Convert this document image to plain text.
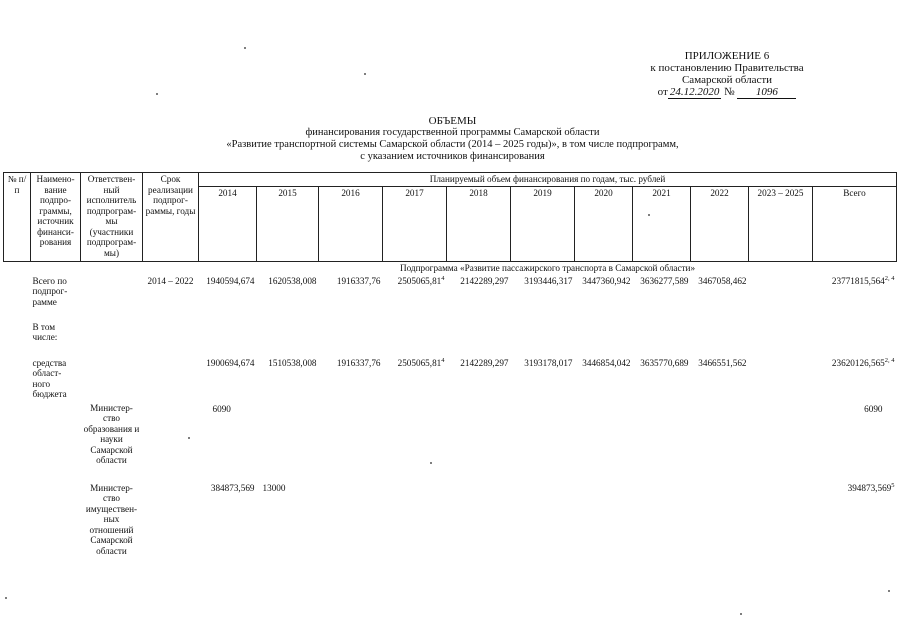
ПРИЛОЖЕНИЕ 6
к постановлению Правительства
Самарской области
от 24.12.2020 № 1096
ОБЪЕМЫ
финансирования государственной программы Самарской области
«Развитие транспортной системы Самарской области (2014 – 2025 годы)», в том числе подпрограмм,
с указанием источников финансирования
№ п/п	Наимено-вание подпро-граммы, источник финанси-рования	Ответствен-ный исполнитель подпрограм-мы (участники подпрограм-мы)	Срок реализации подпрог-раммы, годы	Планируемый объем финансирования по годам, тыс. рублей										
				2014	2015	2016	2017	2018	2019	2020	2021	2022	2023 – 2025	Всего
				Подпрограмма «Развитие пассажирского транспорта в Самарской области»										
	Всего по подпрог-рамме		2014 – 2022	1940594,674	1620538,008	1916337,76	2505065,81$^4$	2142289,297	3193446,317	3447360,942	3636277,589	3467058,462		23771815,564$^{2, 4}$
	В том числе:													
	средства област-ного бюджета			1900694,674	1510538,008	1916337,76	2505065,81$^4$	2142289,297	3193178,017	3446854,042	3635770,689	3466551,562		23620126,565$^{2, 4}$
		Министер-ство образования и науки Самарской области		6090										6090
		Министер-ство имуществен-ных отношений Самарской области		384873,569	13000									394873,569$^5$
